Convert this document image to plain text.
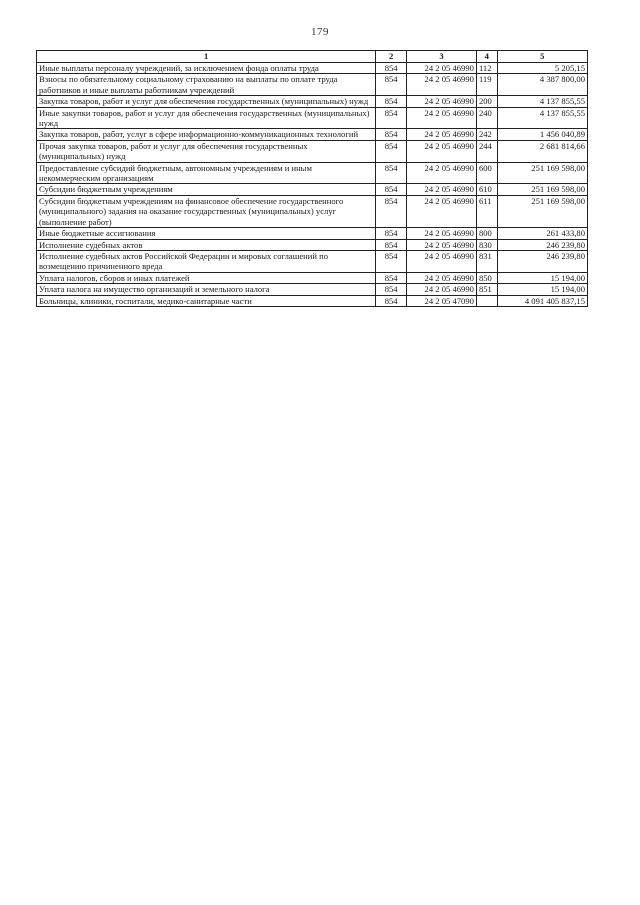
179
1	2	3	4	5
Иные выплаты персоналу учреждений, за исключением фонда оплаты труда	854	24 2 05 46990	112	5 205,15
Взносы по обязательному социальному страхованию на выплаты по оплате труда работников и иные выплаты работникам учреждений	854	24 2 05 46990	119	4 387 800,00
Закупка товаров, работ и услуг для обеспечения государственных (муниципальных) нужд	854	24 2 05 46990	200	4 137 855,55
Иные закупки товаров, работ и услуг для обеспечения государственных (муниципальных) нужд	854	24 2 05 46990	240	4 137 855,55
Закупка товаров, работ, услуг в сфере информационно-коммуникационных технологий	854	24 2 05 46990	242	1 456 040,89
Прочая закупка товаров, работ и услуг для обеспечения государственных (муниципальных) нужд	854	24 2 05 46990	244	2 681 814,66
Предоставление субсидий бюджетным, автономным учреждениям и иным некоммерческим организациям	854	24 2 05 46990	600	251 169 598,00
Субсидии бюджетным учреждениям	854	24 2 05 46990	610	251 169 598,00
Субсидии бюджетным учреждениям на финансовое обеспечение государственного (муниципального) задания на оказание государственных (муниципальных) услуг (выполнение работ)	854	24 2 05 46990	611	251 169 598,00
Иные бюджетные ассигнования	854	24 2 05 46990	800	261 433,80
Исполнение судебных актов	854	24 2 05 46990	830	246 239,80
Исполнение судебных актов Российской Федерации и мировых соглашений по возмещению причиненного вреда	854	24 2 05 46990	831	246 239,80
Уплата налогов, сборов и иных платежей	854	24 2 05 46990	850	15 194,00
Уплата налога на имущество организаций и земельного налога	854	24 2 05 46990	851	15 194,00
Больницы, клиники, госпитали, медико-санитарные части	854	24 2 05 47090		4 091 405 837,15
